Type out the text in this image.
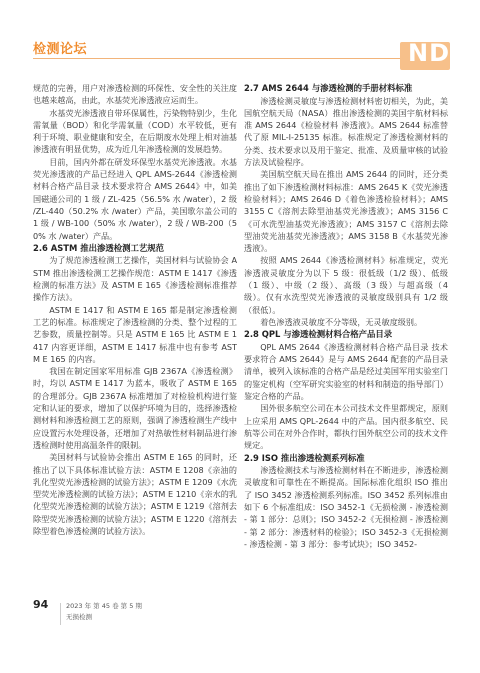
检测论坛	NDT

规范的完善，用户对渗透检测的环保性、安全性的关注度也越来越高，由此，水基荧光渗透液应运而生。

水基荧光渗透液自带环保属性，污染物特别少，生化需氧量（BOD）和化学需氧量（COD）水平较低，更有利于环境、职业健康和安全，在后期废水处理上相对油基渗透液有明显优势，成为近几年渗透检测的发展趋势。

目前，国内外都在研发环保型水基荧光渗透液。水基荧光渗透液的产品已经进入 QPL AMS-2644《渗透检测材料合格产品目录 技术要求符合 AMS 2644》中，如美国磁通公司的 1 级 / ZL-425（56.5% 水 /water），2 级 /ZL-440（50.2% 水 /water）产品，美国歌尔盖公司的 1 级 / WB-100（50% 水 /water），2 级 / WB-200（50% 水 /water）产品。

2.6 ASTM 推出渗透检测工艺规范

为了规范渗透检测工艺操作，美国材料与试验协会 ASTM 推出渗透检测工艺操作规范：ASTM E 1417《渗透检测的标准方法》及 ASTM E 165《渗透检测标准推荐操作方法》。

ASTM E 1417 和 ASTM E 165 都是制定渗透检测工艺的标准。标准规定了渗透检测的分类、整个过程的工艺参数，质量控制等。只是 ASTM E 165 比 ASTM E 1417 内容更详细，ASTM E 1417 标准中也有参考 ASTM E 165 的内容。

我国在制定国家军用标准 GJB 2367A《渗透检测》时，均以 ASTM E 1417 为蓝本，吸收了 ASTM E 165 的合理部分。GJB 2367A 标准增加了对检验机构进行鉴定和认证的要求，增加了以保护环境为目的，选择渗透检测材料和渗透检测工艺的原则，强调了渗透检测生产线中应设置污水处理设备，还增加了对热敏性材料制品进行渗透检测时使用高温条件的限制。

美国材料与试验协会推出 ASTM E 165 的同时，还推出了以下具体标准试验方法：ASTM E 1208《亲油的乳化型荧光渗透检测的试验方法》；ASTM E 1209《水洗型荧光渗透检测的试验方法》；ASTM E 1210《亲水的乳化型荧光渗透检测的试验方法》；ASTM E 1219《溶剂去除型荧光渗透检测的试验方法》；ASTM E 1220《溶剂去除型着色渗透检测的试验方法》。

2.7 AMS 2644 与渗透检测的手册材料标准

渗透检测灵敏度与渗透检测材料密切相关，为此，美国航空航天局（NASA）推出渗透检测的美国宇航材料标准 AMS 2644《检验材料 渗透液》。AMS 2644 标准替代了原 MIL-I-25135 标准。标准规定了渗透检测材料的分类、技术要求以及用于鉴定、批准、及质量审核的试验方法及试验程序。

美国航空航天局在推出 AMS 2644 的同时，还分类推出了如下渗透检测材料标准：AMS 2645 K《荧光渗透检验材料》；AMS 2646 D《着色渗透检验材料》；AMS 3155 C《溶剂去除型油基荧光渗透液》；AMS 3156 C《可水洗型油基荧光渗透液》；AMS 3157 C《溶剂去除型油荧光油基荧光渗透液》；AMS 3158 B《水基荧光渗透液》。

按照 AMS 2644《渗透检测材料》标准规定，荧光渗透液灵敏度分为以下 5 级：很低级（1/2 级）、低级（1 级）、中级（2 级）、高级（3 级）与超高级（4 级）。仅有水洗型荧光渗透液的灵敏度级别具有 1/2 级（很低）。

着色渗透液灵敏度不分等级，无灵敏度级别。

2.8 QPL 与渗透检测材料合格产品目录

QPL AMS 2644《渗透检测材料合格产品目录 技术要求符合 AMS 2644》是与 AMS 2644 配套的产品目录清单，被列入该标准的合格产品是经过美国军用实验室门的鉴定机构（空军研究实验室的材料和制造的指导部门）鉴定合格的产品。

国外很多航空公司在本公司技术文件里都规定，原则上应采用 AMS QPL-2644 中的产品。国内很多航空、民航等公司在对外合作时，都执行国外航空公司的技术文件规定。

2.9 ISO 推出渗透检测系列标准

渗透检测技术与渗透检测材料在不断进步，渗透检测灵敏度和可靠性在不断提高。国际标准化组织 ISO 推出了 ISO 3452 渗透检测系列标准。ISO 3452 系列标准由如下 6 个标准组成：ISO 3452-1《无损检测 - 渗透检测 - 第 1 部分：总则》；ISO 3452-2《无损检测 - 渗透检测 - 第 2 部分：渗透材料的检验》；ISO 3452-3《无损检测 - 渗透检测 - 第 3 部分：参考试块》；ISO 3452-

94	2023 年 第 45 卷 第 5 期
无损检测
